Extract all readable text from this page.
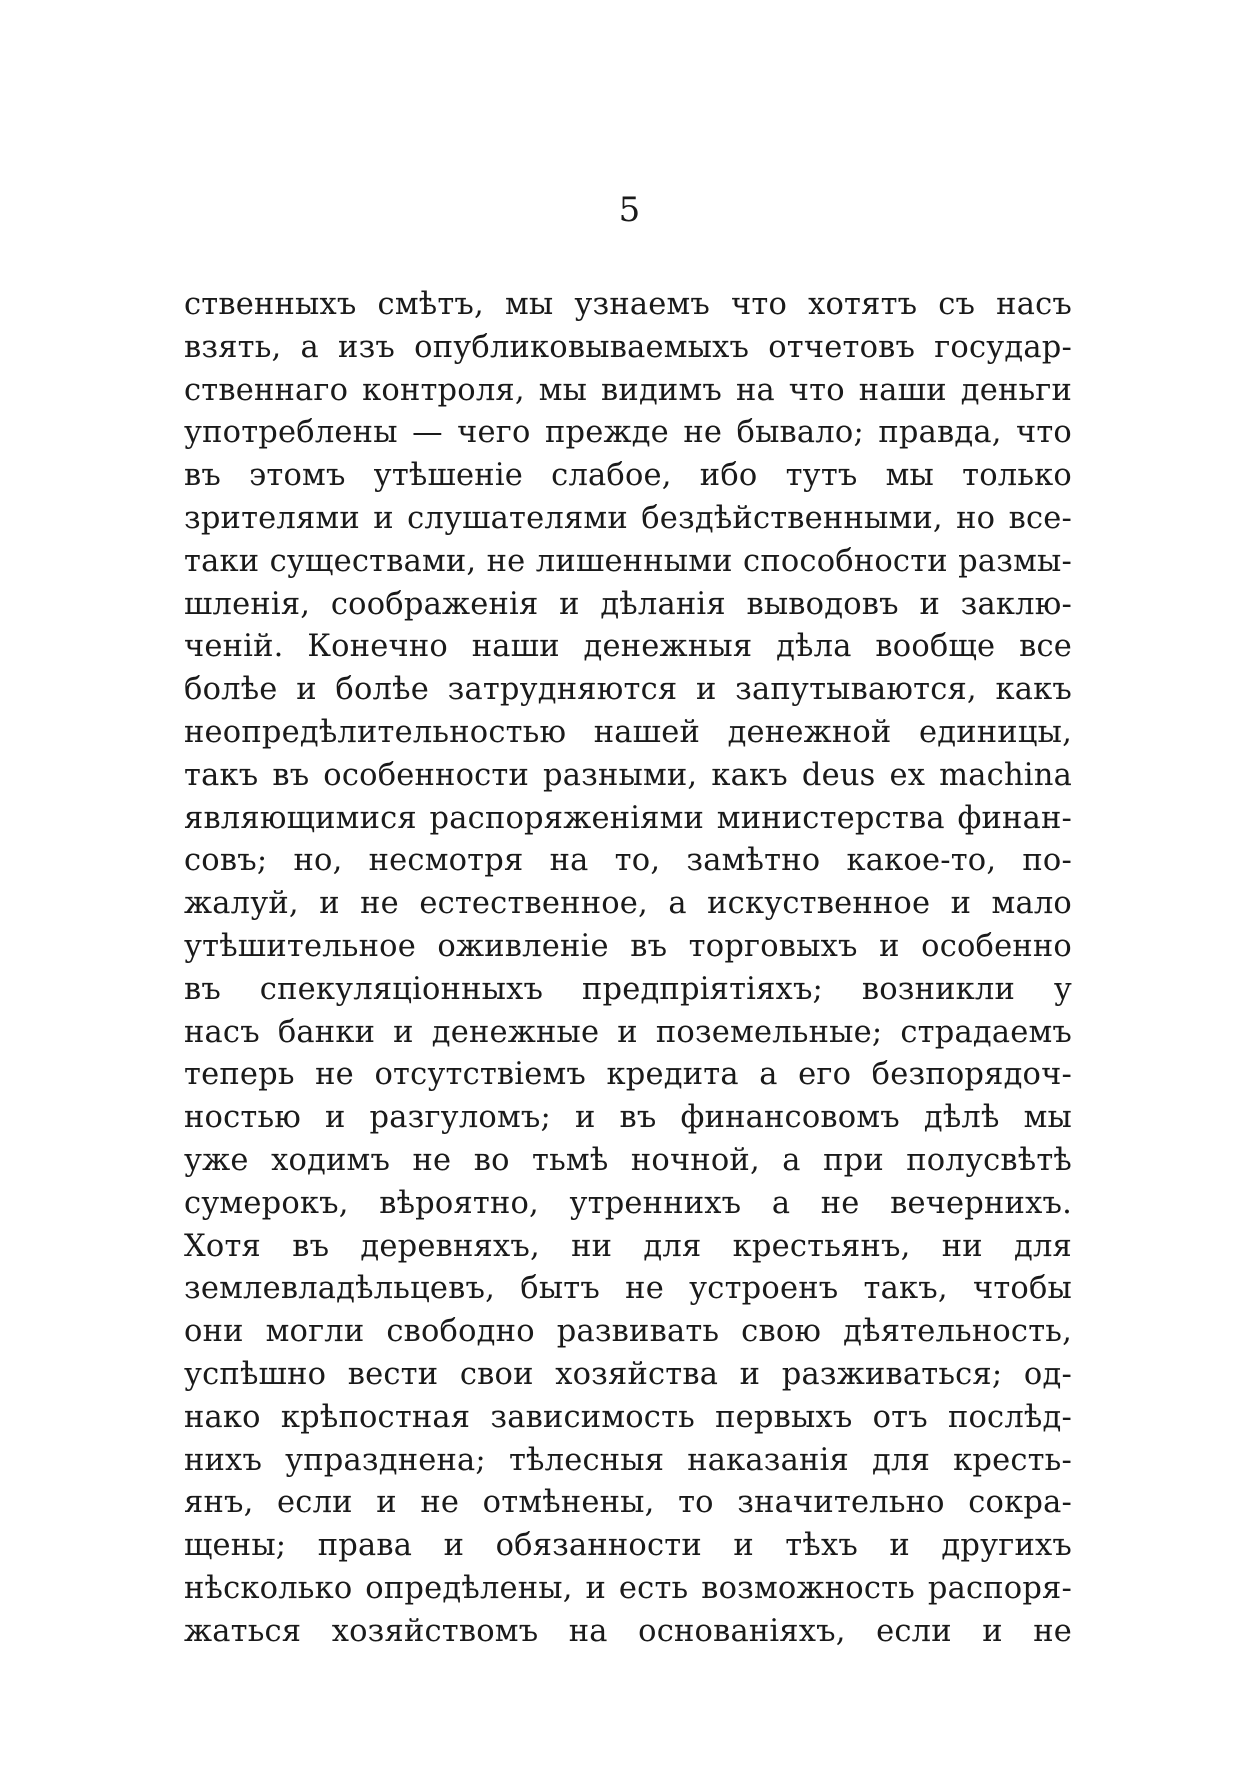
5
ственныхъ смѣтъ, мы узнаемъ что хотятъ съ насъ
взять, а изъ опубликовываемыхъ отчетовъ государ-
ственнаго контроля, мы видимъ на что наши деньги
употреблены — чего прежде не бывало; правда, что
въ этомъ утѣшеніе слабое, ибо тутъ мы только
зрителями и слушателями бездѣйственными, но все-
таки существами, не лишенными способности размы-
шленія, соображенія и дѣланія выводовъ и заклю-
ченій. Конечно наши денежныя дѣла вообще все
болѣе и болѣе затрудняются и запутываются, какъ
неопредѣлительностью нашей денежной единицы,
такъ въ особенности разными, какъ deus ex machina
являющимися распоряженіями министерства финан-
совъ; но, несмотря на то, замѣтно какое-то, по-
жалуй, и не естественное, а искуственное и мало
утѣшительное оживленіе въ торговыхъ и особенно
въ спекуляціонныхъ предпріятіяхъ; возникли у
насъ банки и денежные и поземельные; страдаемъ
теперь не отсутствіемъ кредита а его безпорядоч-
ностью и разгуломъ; и въ финансовомъ дѣлѣ мы
уже ходимъ не во тьмѣ ночной, а при полусвѣтѣ
сумерокъ, вѣроятно, утреннихъ а не вечернихъ.
Хотя въ деревняхъ, ни для крестьянъ, ни для
землевладѣльцевъ, бытъ не устроенъ такъ, чтобы
они могли свободно развивать свою дѣятельность,
успѣшно вести свои хозяйства и разживаться; од-
нако крѣпостная зависимость первыхъ отъ послѣд-
нихъ упразднена; тѣлесныя наказанія для кресть-
янъ, если и не отмѣнены, то значительно сокра-
щены; права и обязанности и тѣхъ и другихъ
нѣсколько опредѣлены, и есть возможность распоря-
жаться хозяйствомъ на основаніяхъ, если и не
